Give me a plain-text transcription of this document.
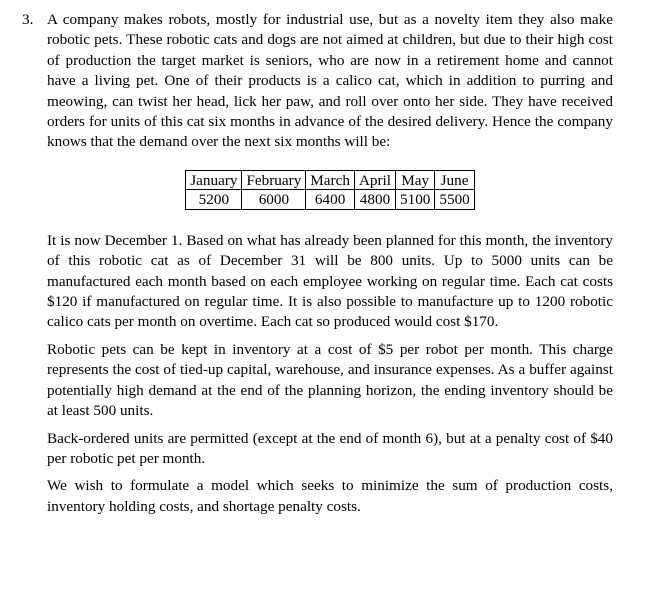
3. A company makes robots, mostly for industrial use, but as a novelty item they also make robotic pets. These robotic cats and dogs are not aimed at children, but due to their high cost of production the target market is seniors, who are now in a retirement home and cannot have a living pet. One of their products is a calico cat, which in addition to purring and meowing, can twist her head, lick her paw, and roll over onto her side. They have received orders for units of this cat six months in advance of the desired delivery. Hence the company knows that the demand over the next six months will be:

January	February	March	April	May	June
5200	6000	6400	4800	5100	5500

It is now December 1. Based on what has already been planned for this month, the inventory of this robotic cat as of December 31 will be 800 units. Up to 5000 units can be manufactured each month based on each employee working on regular time. Each cat costs $120 if manufactured on regular time. It is also possible to manufacture up to 1200 robotic calico cats per month on overtime. Each cat so produced would cost $170.

Robotic pets can be kept in inventory at a cost of $5 per robot per month. This charge represents the cost of tied-up capital, warehouse, and insurance expenses. As a buffer against potentially high demand at the end of the planning horizon, the ending inventory should be at least 500 units.

Back-ordered units are permitted (except at the end of month 6), but at a penalty cost of $40 per robotic pet per month.

We wish to formulate a model which seeks to minimize the sum of production costs, inventory holding costs, and shortage penalty costs.
